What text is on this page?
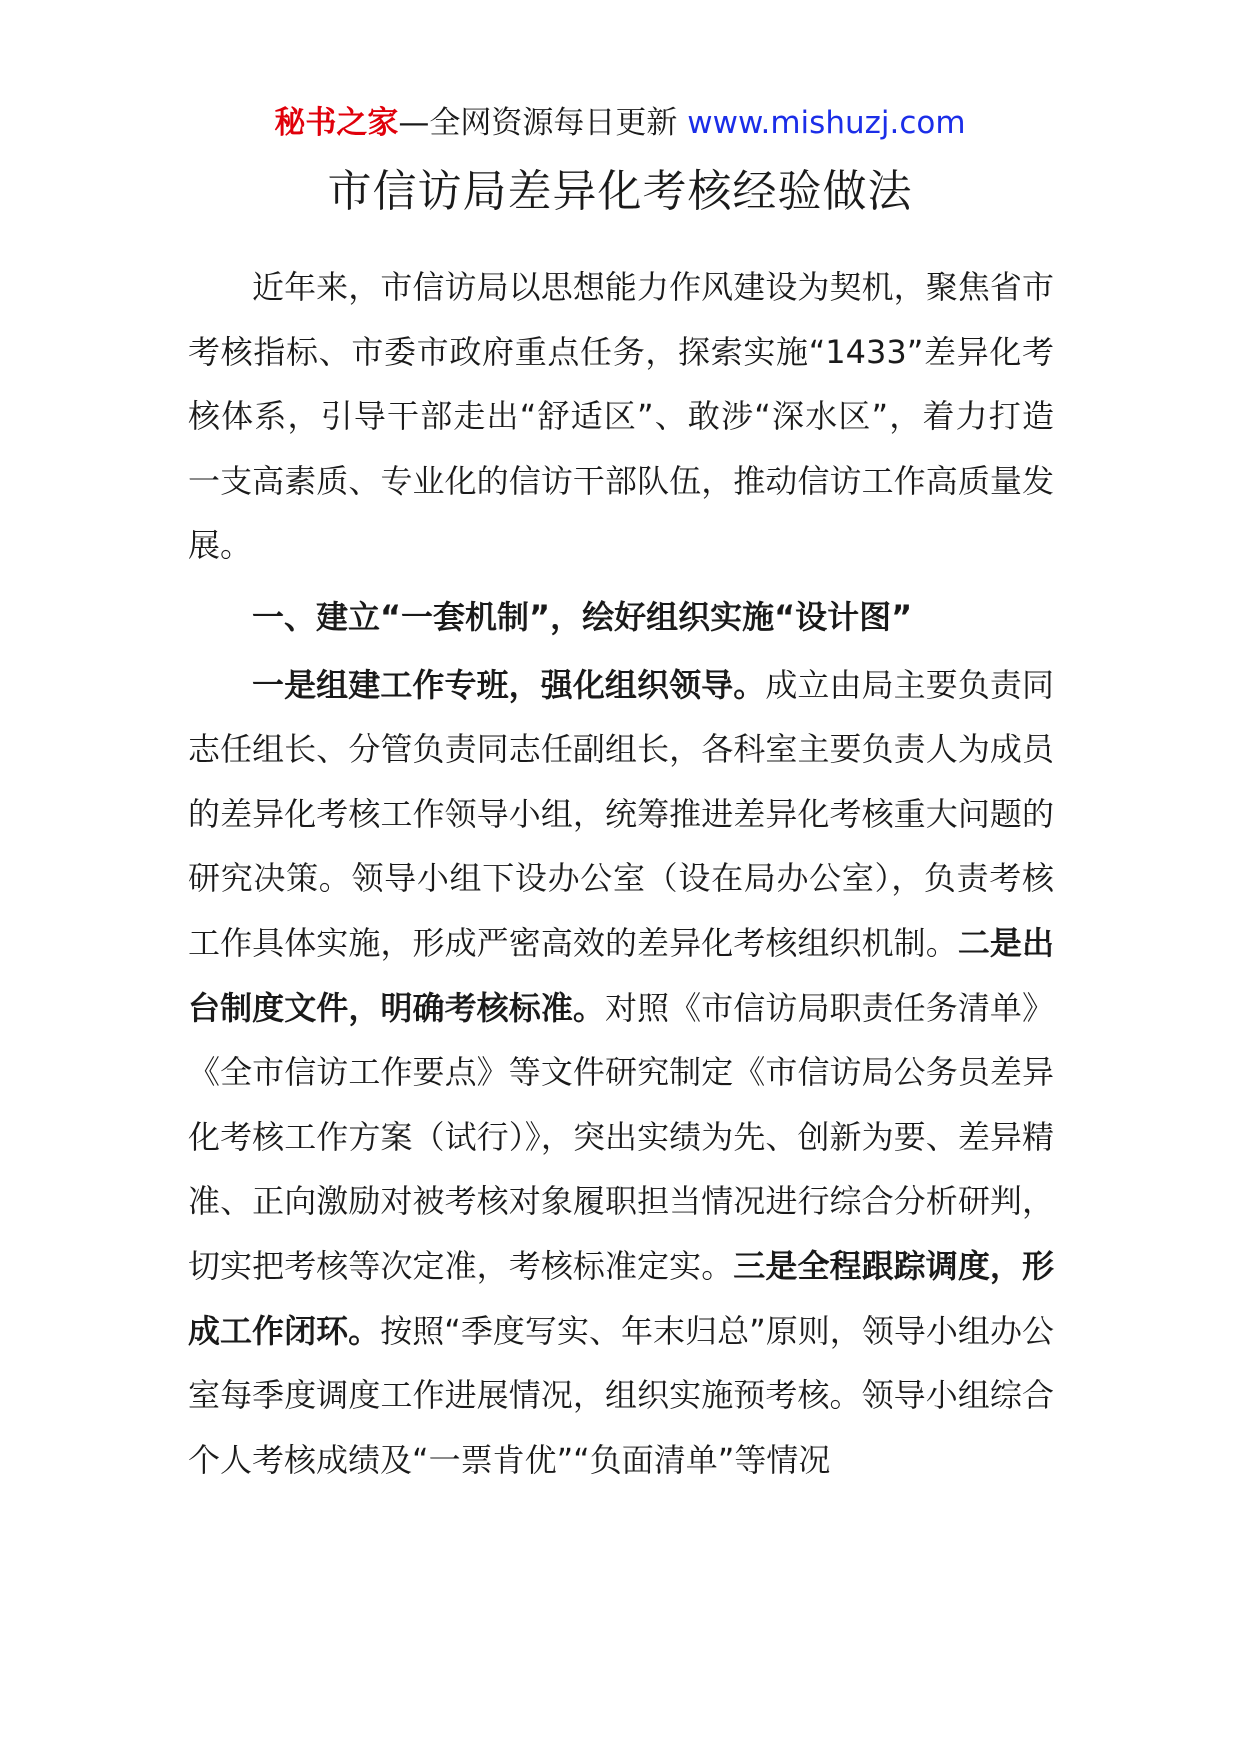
秘书之家—全网资源每日更新 www.mishuzj.com
市信访局差异化考核经验做法

近年来，市信访局以思想能力作风建设为契机，聚焦省市考核指标、市委市政府重点任务，探索实施“1433”差异化考核体系，引导干部走出“舒适区”、敢涉“深水区”，着力打造一支高素质、专业化的信访干部队伍，推动信访工作高质量发展。

一、建立“一套机制”，绘好组织实施“设计图”

一是组建工作专班，强化组织领导。成立由局主要负责同志任组长、分管负责同志任副组长，各科室主要负责人为成员的差异化考核工作领导小组，统筹推进差异化考核重大问题的研究决策。领导小组下设办公室（设在局办公室），负责考核工作具体实施，形成严密高效的差异化考核组织机制。二是出台制度文件，明确考核标准。对照《市信访局职责任务清单》《全市信访工作要点》等文件研究制定《市信访局公务员差异化考核工作方案（试行）》，突出实绩为先、创新为要、差异精准、正向激励对被考核对象履职担当情况进行综合分析研判，切实把考核等次定准，考核标准定实。三是全程跟踪调度，形成工作闭环。按照“季度写实、年末归总”原则，领导小组办公室每季度调度工作进展情况，组织实施预考核。领导小组综合个人考核成绩及“一票肯优”“负面清单”等情况
